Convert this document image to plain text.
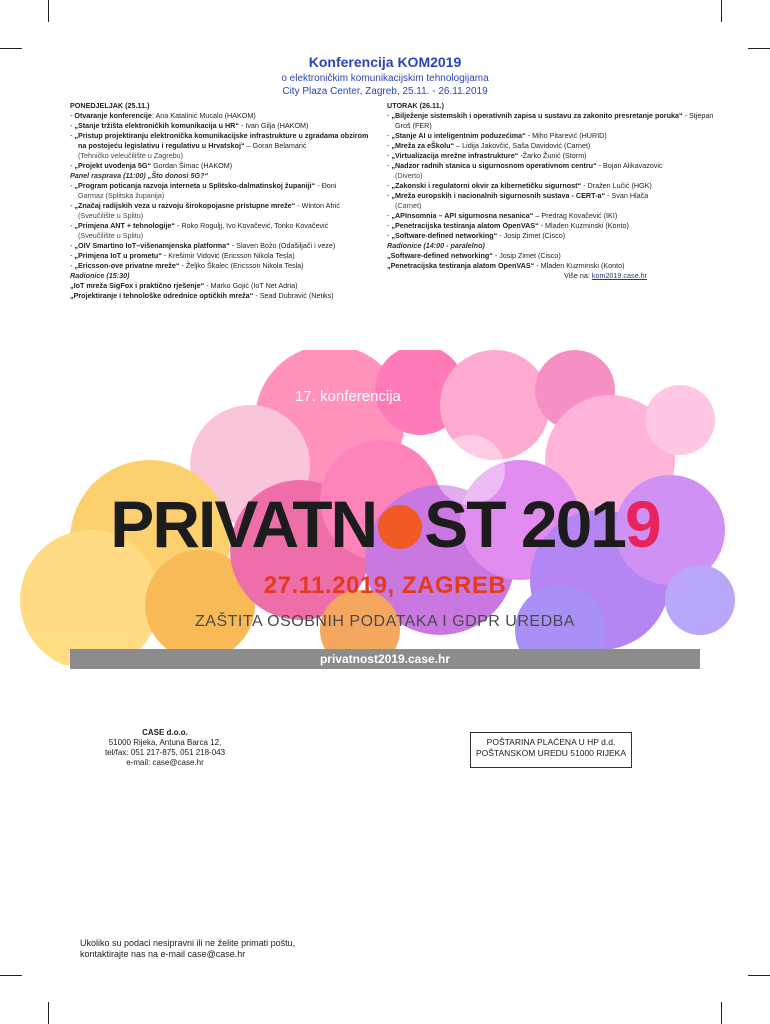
Konferencija KOM2019
o elektroničkim komunikacijskim tehnologijama
City Plaza Center, Zagreb, 25.11. - 26.11.2019
PONEDJELJAK (25.11.)
- Otvaranje konferencije: Ana Katalinić Mucalo (HAKOM)
- „Stanje tržišta elektroničkih komunikacija u HR“ - Ivan Gilja (HAKOM)
- „Pristup projektiranju elektronička komunikacijske infrastrukture u zgradama obzirom na postojeću legislativu i regulativu u Hrvatskoj“ – Goran Belamarić
(Tehničko veleučilište u Zagrebu)
- „Projekt uvođenja 5G“ Gordan Šimac (HAKOM)
Panel rasprava (11:00) „Što donosi 5G?“
- „Program poticanja razvoja interneta u Splitsko-dalmatinskoj županiji“ - Đoni
Garmaz (Splitska županija)
- „Značaj radijskih veza u razvoju širokopojasne pristupne mreže“ - Winton Afrić
(Sveučilište u Splitu)
- „Primjena ANT + tehnologije“ - Roko Roguljj, Ivo Kovačević, Tonko Kovačević
(Sveučilište u Splitu)
- „OIV Smartino IoT–višenamjenska platforma“ - Slaven Božo (Odašiljači i veze)
- „Primjena IoT u prometu“ - Krešimir Vidović (Ericsson Nikola Tesla)
- „Ericsson-ove privatne mreže“ - Željko Škalec (Ericsson Nikola Tesla)
Radionice (15:30)
„IoT mreža SigFox i praktično rješenje“ - Marko Gojić (IoT Net Adria)
„Projektiranje i tehnološke odrednice optičkih mreža“ - Sead Dubravić (Netiks)
UTORAK (26.11.)
- „Bilježenje sistemskih i operativnih zapisa u sustavu za zakonito presretanje poruka“ - Stjepan Groš (FER)
- „Stanje AI u inteligentnim poduzećima“ - Miho Pitarević (HURID)
- „Mreža za eŠkolu“ – Lidija Jakovčić, Saša Davidović (Carnet)
- „Virtualizacija mrežne infrastrukture“ -Žarko Žunić (Storm)
- „Nadzor radnih stanica u sigurnosnom operativnom centru“ - Bojan Alikavazovic
(Diverto)
- „Zakonski i regulatorni okvir za kibernetičku sigurnost“ - Dražen Lučić (HGK)
- „Mreža europskih i nacionalnih sigurnosnih sustava - CERT-a“ - Svan Hlača
(Carnet)
- „APInsomnia – API sigurnosna nesanica“ – Predrag Kovačević (IKI)
- „Penetracijska testiranja alatom OpenVAS“ - Mladen Kuzminski (Konto)
- „Software-defined networking“ - Josip Zimet (Cisco)
Radionice (14:00 - paralelno)
„Software-defined networking“ - Josip Zimet (Cisco)
„Penetracijska testiranja alatom OpenVAS“ - Mladen Kuzminski (Konto)
Više na: kom2019.case.hr
17. konferencija
PRIVATN ST 2019
27.11.2019, ZAGREB
ZAŠTITA OSOBNIH PODATAKA I GDPR UREDBA
privatnost2019.case.hr
CASE d.o.o.
51000 Rijeka, Antuna Barca 12,
tel/fax: 051 217-875, 051 218-043
e-mail: case@case.hr
POŠTARINA PLAĆENA U HP d.d.
POŠTANSKOM UREDU 51000 RIJEKA
Ukoliko su podaci nesipravni ili ne želite primati poštu,
kontaktirajte nas na e-mail case@case.hr
